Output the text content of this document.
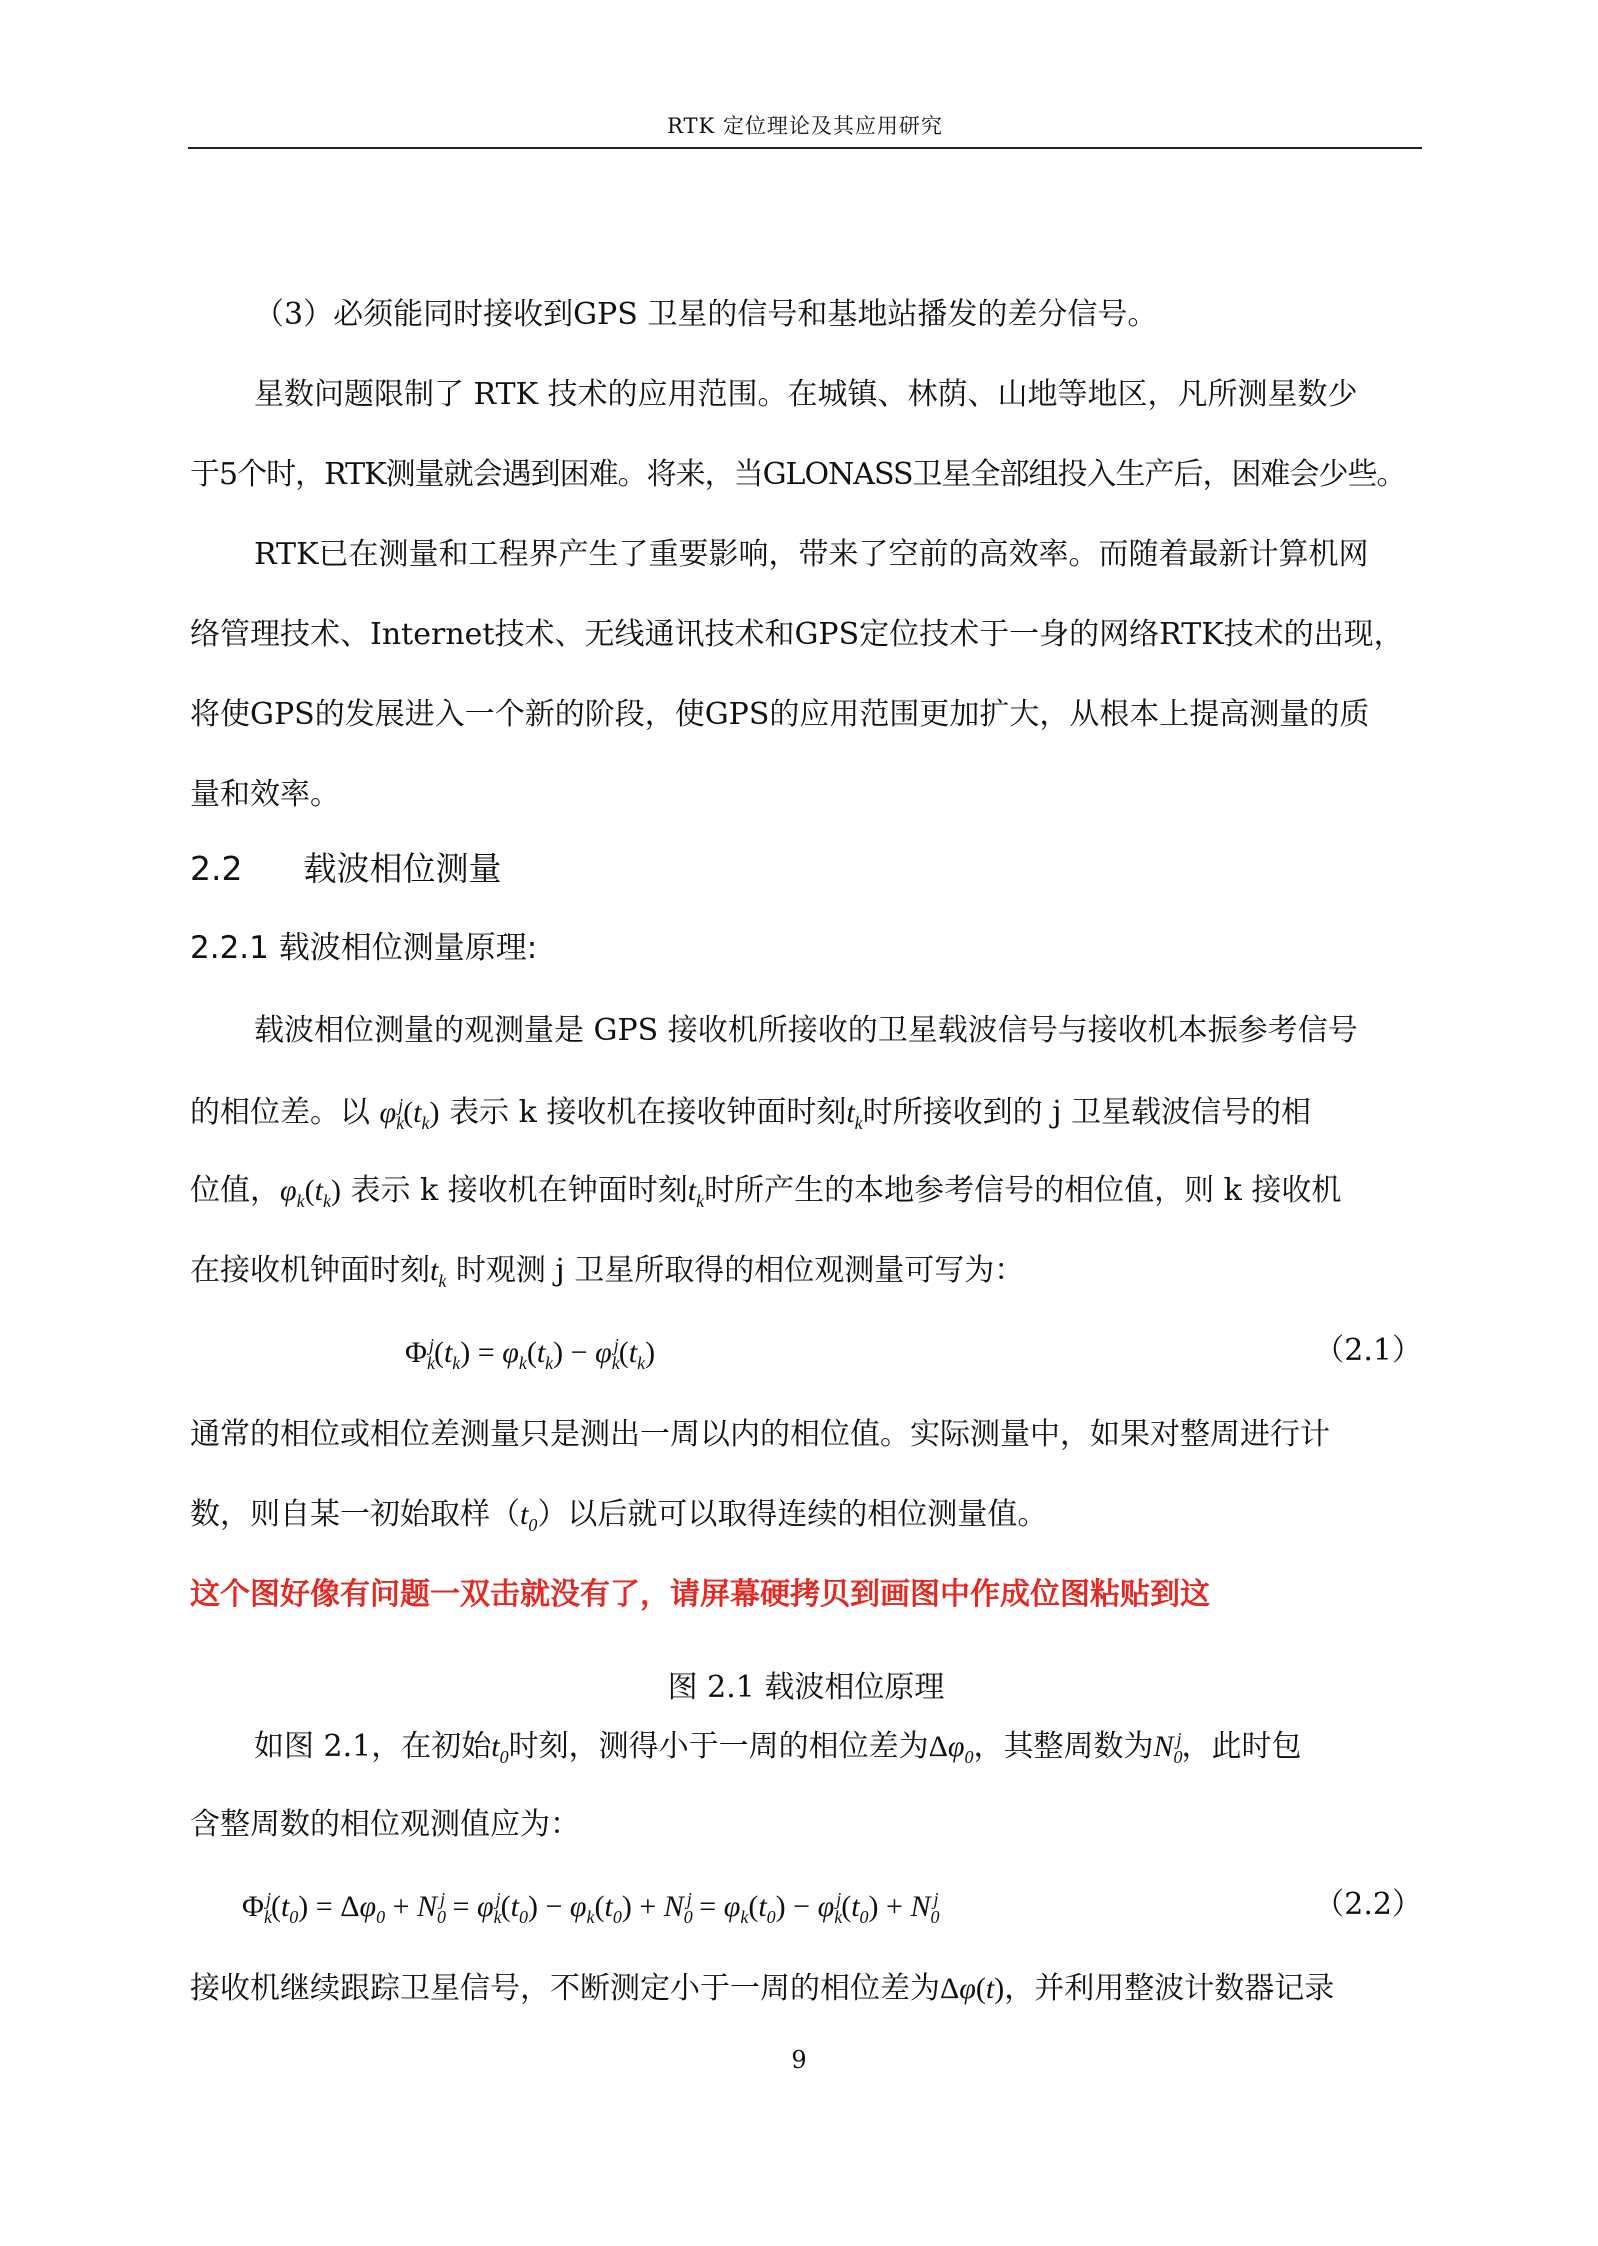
RTK 定位理论及其应用研究
（3）必须能同时接收到GPS 卫星的信号和基地站播发的差分信号。
星数问题限制了 RTK 技术的应用范围。在城镇、林荫、山地等地区，凡所测星数少
于5个时，RTK测量就会遇到困难。将来，当GLONASS卫星全部组投入生产后，困难会少些。
RTK已在测量和工程界产生了重要影响，带来了空前的高效率。而随着最新计算机网
络管理技术、Internet技术、无线通讯技术和GPS定位技术于一身的网络RTK技术的出现，
将使GPS的发展进入一个新的阶段，使GPS的应用范围更加扩大，从根本上提高测量的质
量和效率。
2.2 载波相位测量
2.2.1 载波相位测量原理:
载波相位测量的观测量是 GPS 接收机所接收的卫星载波信号与接收机本振参考信号
的相位差。以 $\varphi_k^j(t_k)$ 表示 k 接收机在接收钟面时刻$t_k$时所接收到的 j 卫星载波信号的相
位值，$\varphi_k(t_k)$ 表示 k 接收机在钟面时刻$t_k$时所产生的本地参考信号的相位值，则 k 接收机
在接收机钟面时刻$t_k$ 时观测 j 卫星所取得的相位观测量可写为：
$\Phi_k^j(t_k) = \varphi_k(t_k) - \varphi_k^j(t_k)$	（2.1）
通常的相位或相位差测量只是测出一周以内的相位值。实际测量中，如果对整周进行计
数，则自某一初始取样$(t_0)$以后就可以取得连续的相位测量值。
这个图好像有问题一双击就没有了，请屏幕硬拷贝到画图中作成位图粘贴到这
图 2.1 载波相位原理
如图 2.1，在初始$t_0$时刻，测得小于一周的相位差为$\Delta\varphi_0$，其整周数为$N_0^j$，此时包
含整周数的相位观测值应为：
$\Phi_k^j(t_0) = \Delta\varphi_0 + N_0^j = \varphi_k^j(t_0) - \varphi_k(t_0) + N_0^j = \varphi_k(t_0) - \varphi_k^j(t_0) + N_0^j$	（2.2）
接收机继续跟踪卫星信号，不断测定小于一周的相位差为Δφ(t)，并利用整波计数器记录
9
